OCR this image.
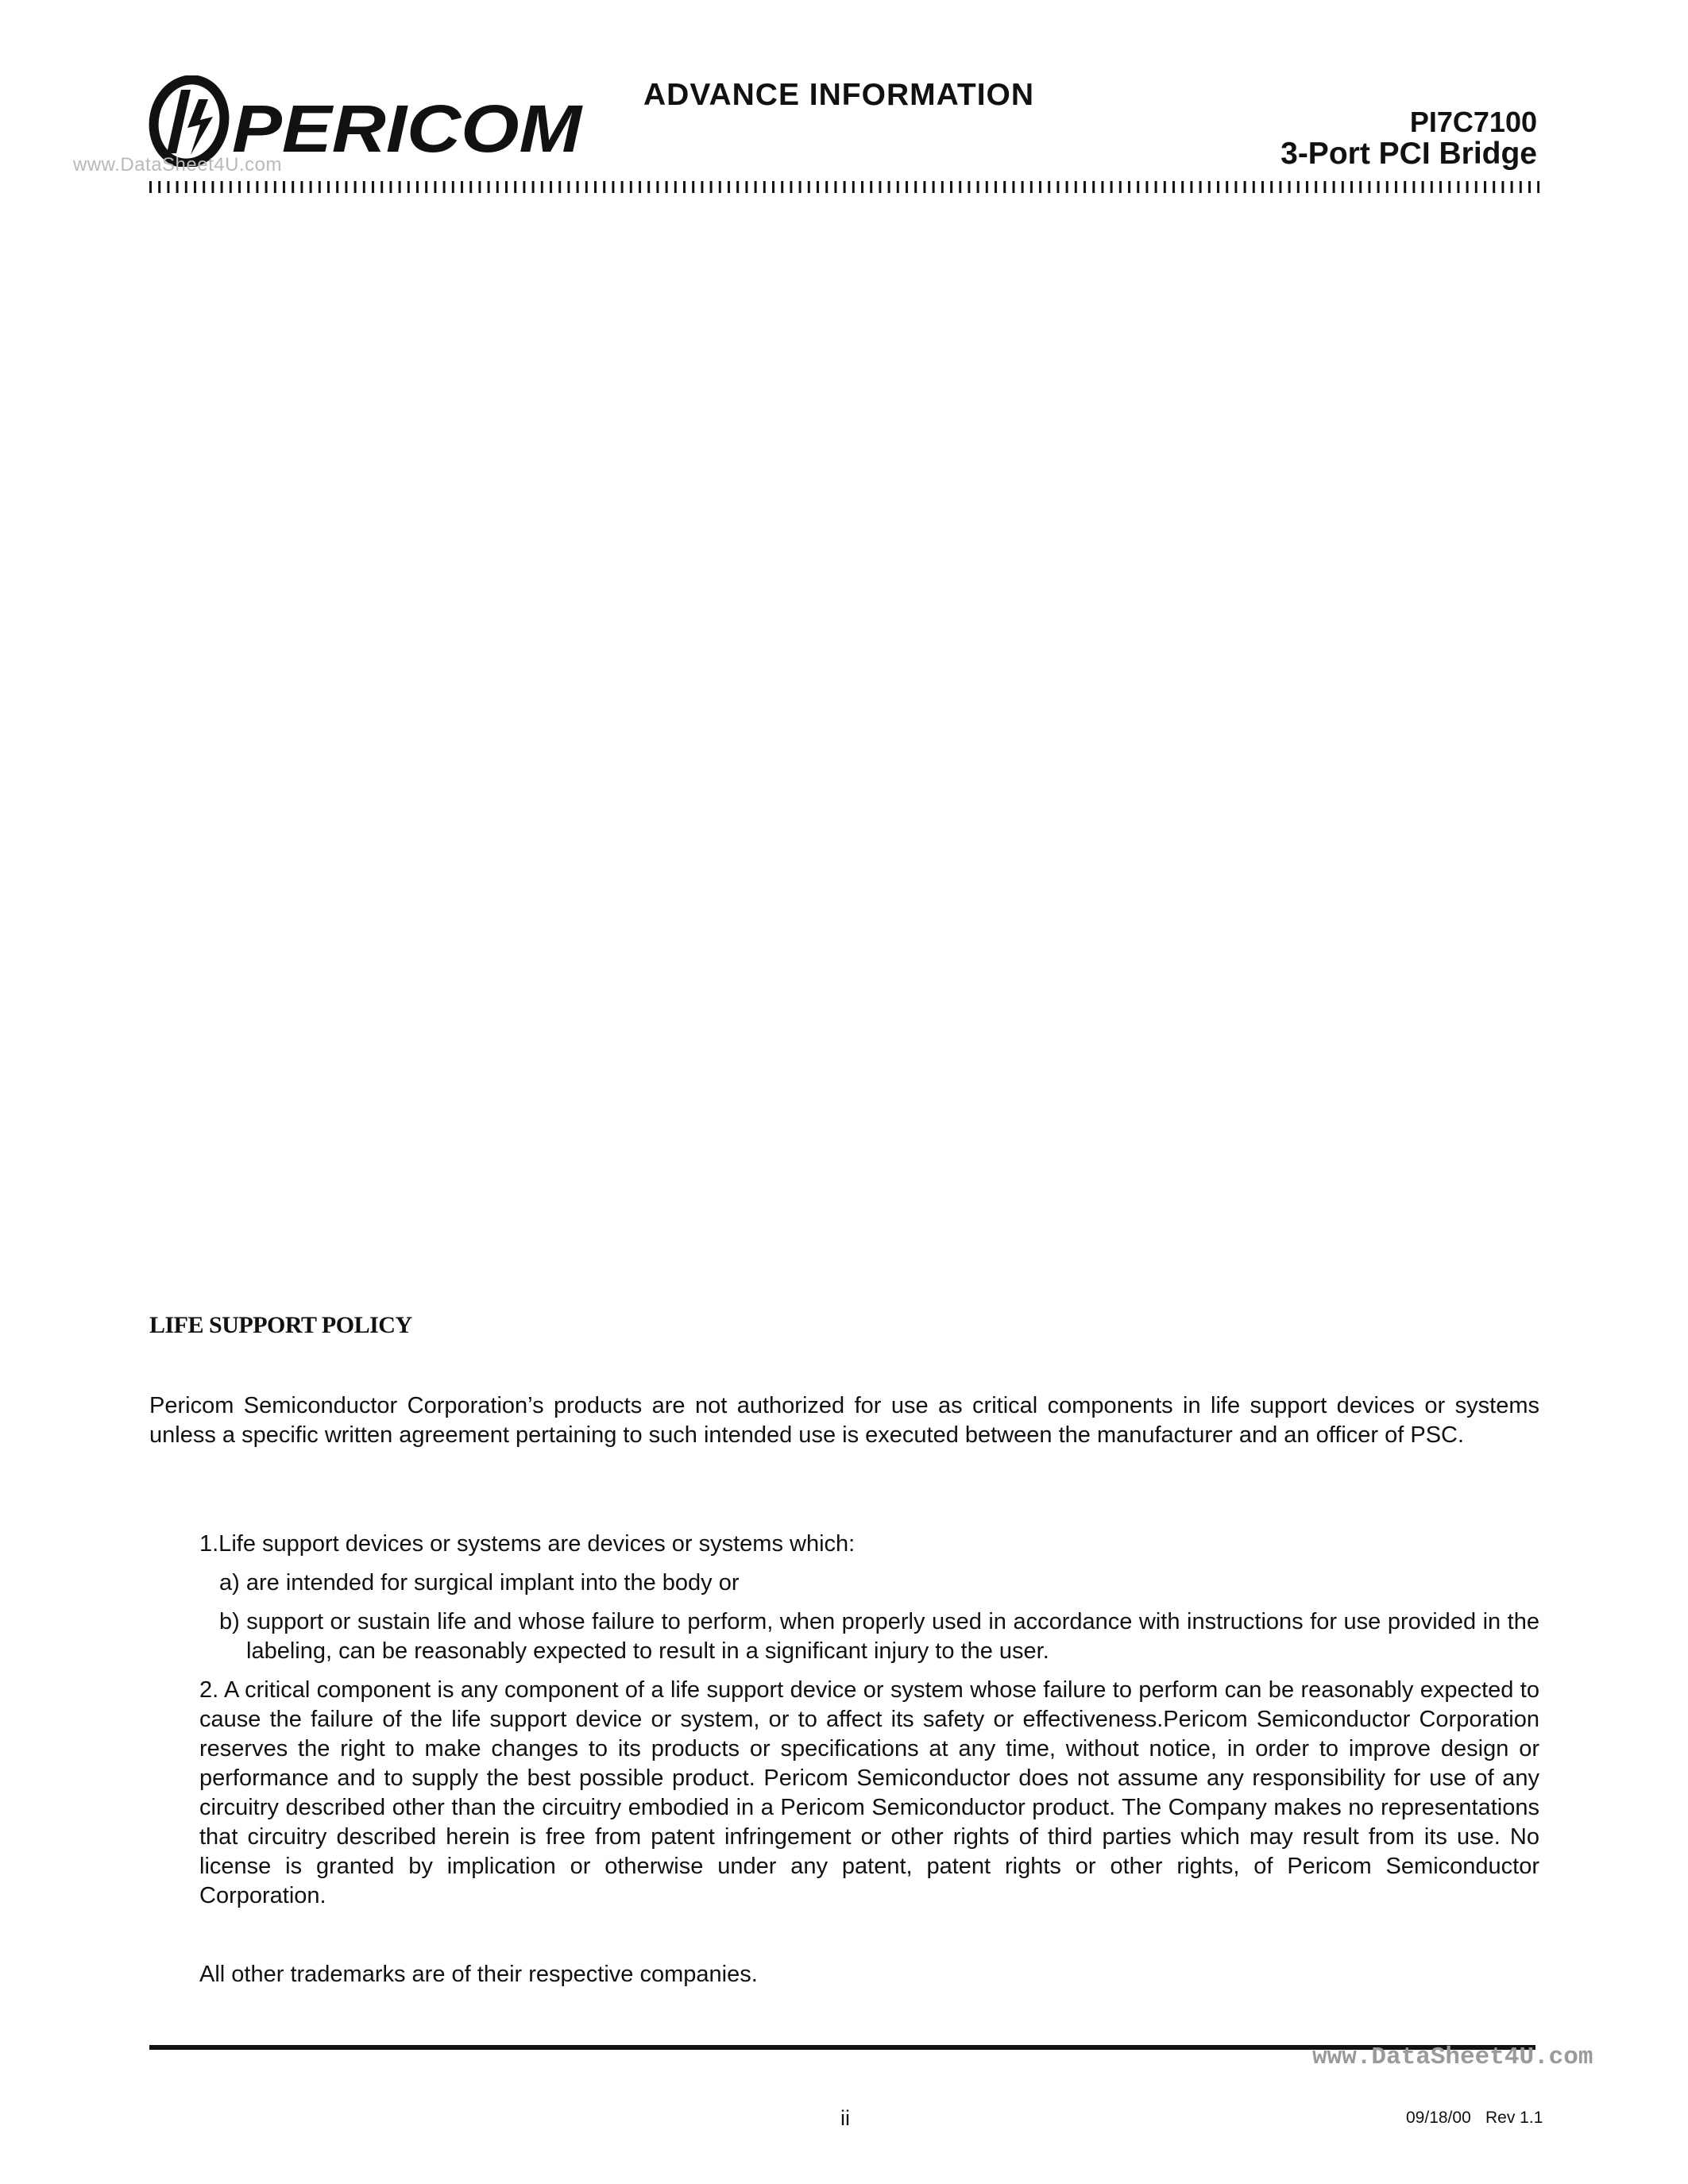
PERICOM
www.DataSheet4U.com
ADVANCE INFORMATION
PI7C7100
3-Port PCI Bridge
LIFE SUPPORT POLICY
Pericom Semiconductor Corporation’s products are not authorized for use as critical components in life support devices or systems unless a specific written agreement pertaining to such intended use is executed between the manufacturer and an officer of PSC.
1.Life support devices or systems are devices or systems which:
a) are intended for surgical implant into the body or
b) support or sustain life and whose failure to perform, when properly used in accordance with instructions for use provided in the labeling, can be reasonably expected to result in a significant injury to the user.
2. A critical component is any component of a life support device or system whose failure to perform can be reasonably expected to cause the failure of the life support device or system, or to affect its safety or effectiveness.Pericom Semiconductor Corporation reserves the right to make changes to its products or specifications at any time, without notice, in order to improve design or performance and to supply the best possible product. Pericom Semiconductor does not assume any responsibility for use of any circuitry described other than the circuitry embodied in a Pericom Semiconductor product. The Company makes no representations that circuitry described herein is free from patent infringement or other rights of third parties which may result from its use. No license is granted by implication or otherwise under any patent, patent rights or other rights, of Pericom Semiconductor Corporation.
All other trademarks are of their respective companies.
www.DataSheet4U.com
ii	09/18/00 Rev 1.1
